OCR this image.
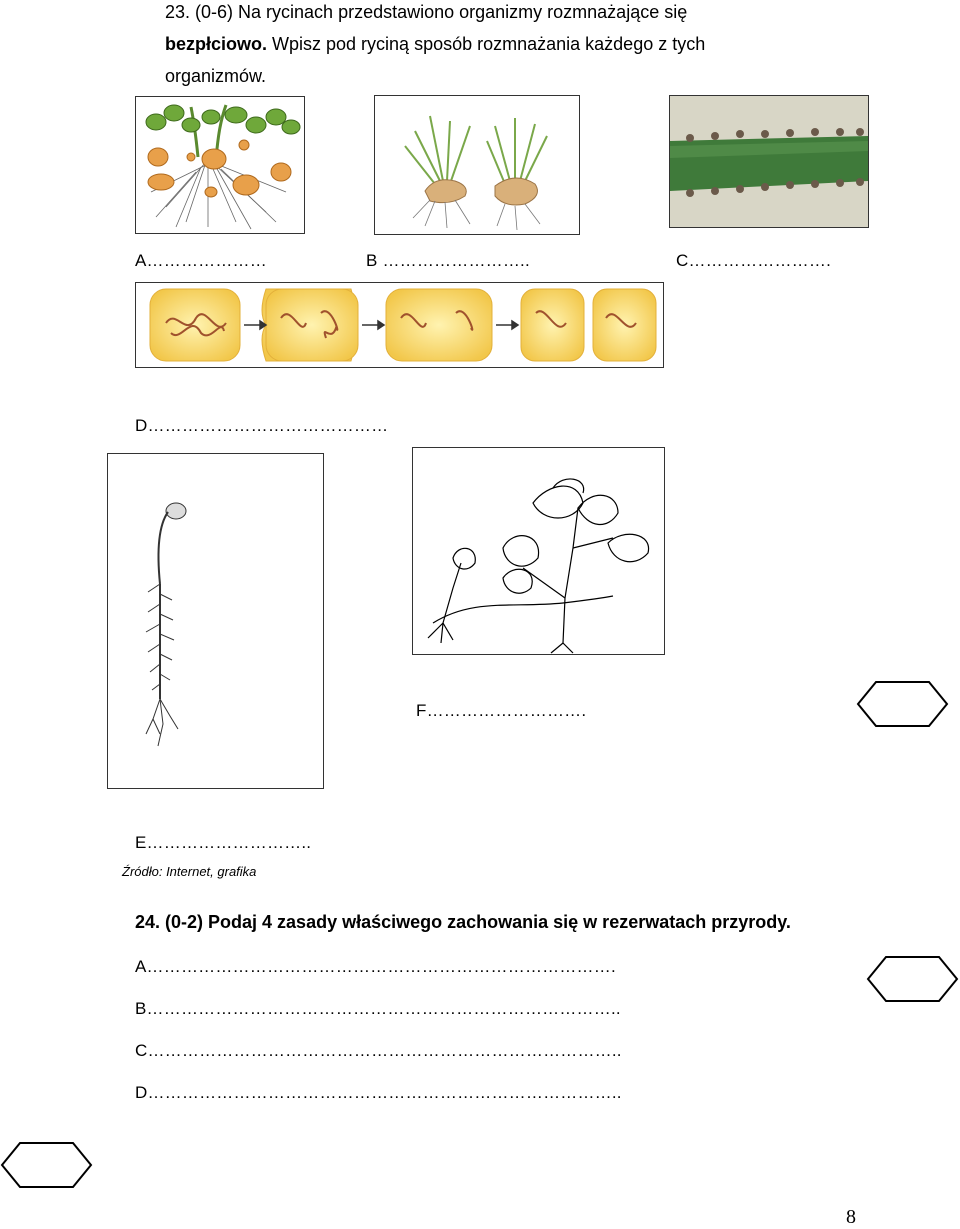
23. (0-6) Na rycinach przedstawiono organizmy rozmnażające się
bezpłciowo. Wpisz pod ryciną sposób rozmnażania każdego z tych
organizmów.
A…………………	B ……………………..	C…………………….
D……………………………………
F……………………….
E………………………..
Źródło: Internet, grafika
24. (0-2) Podaj 4 zasady właściwego zachowania się w rezerwatach przyrody.
A……………………………………………………………………….
B………………………………………………………………………..
C………………………………………………………………………..
D………………………………………………………………………..
8
